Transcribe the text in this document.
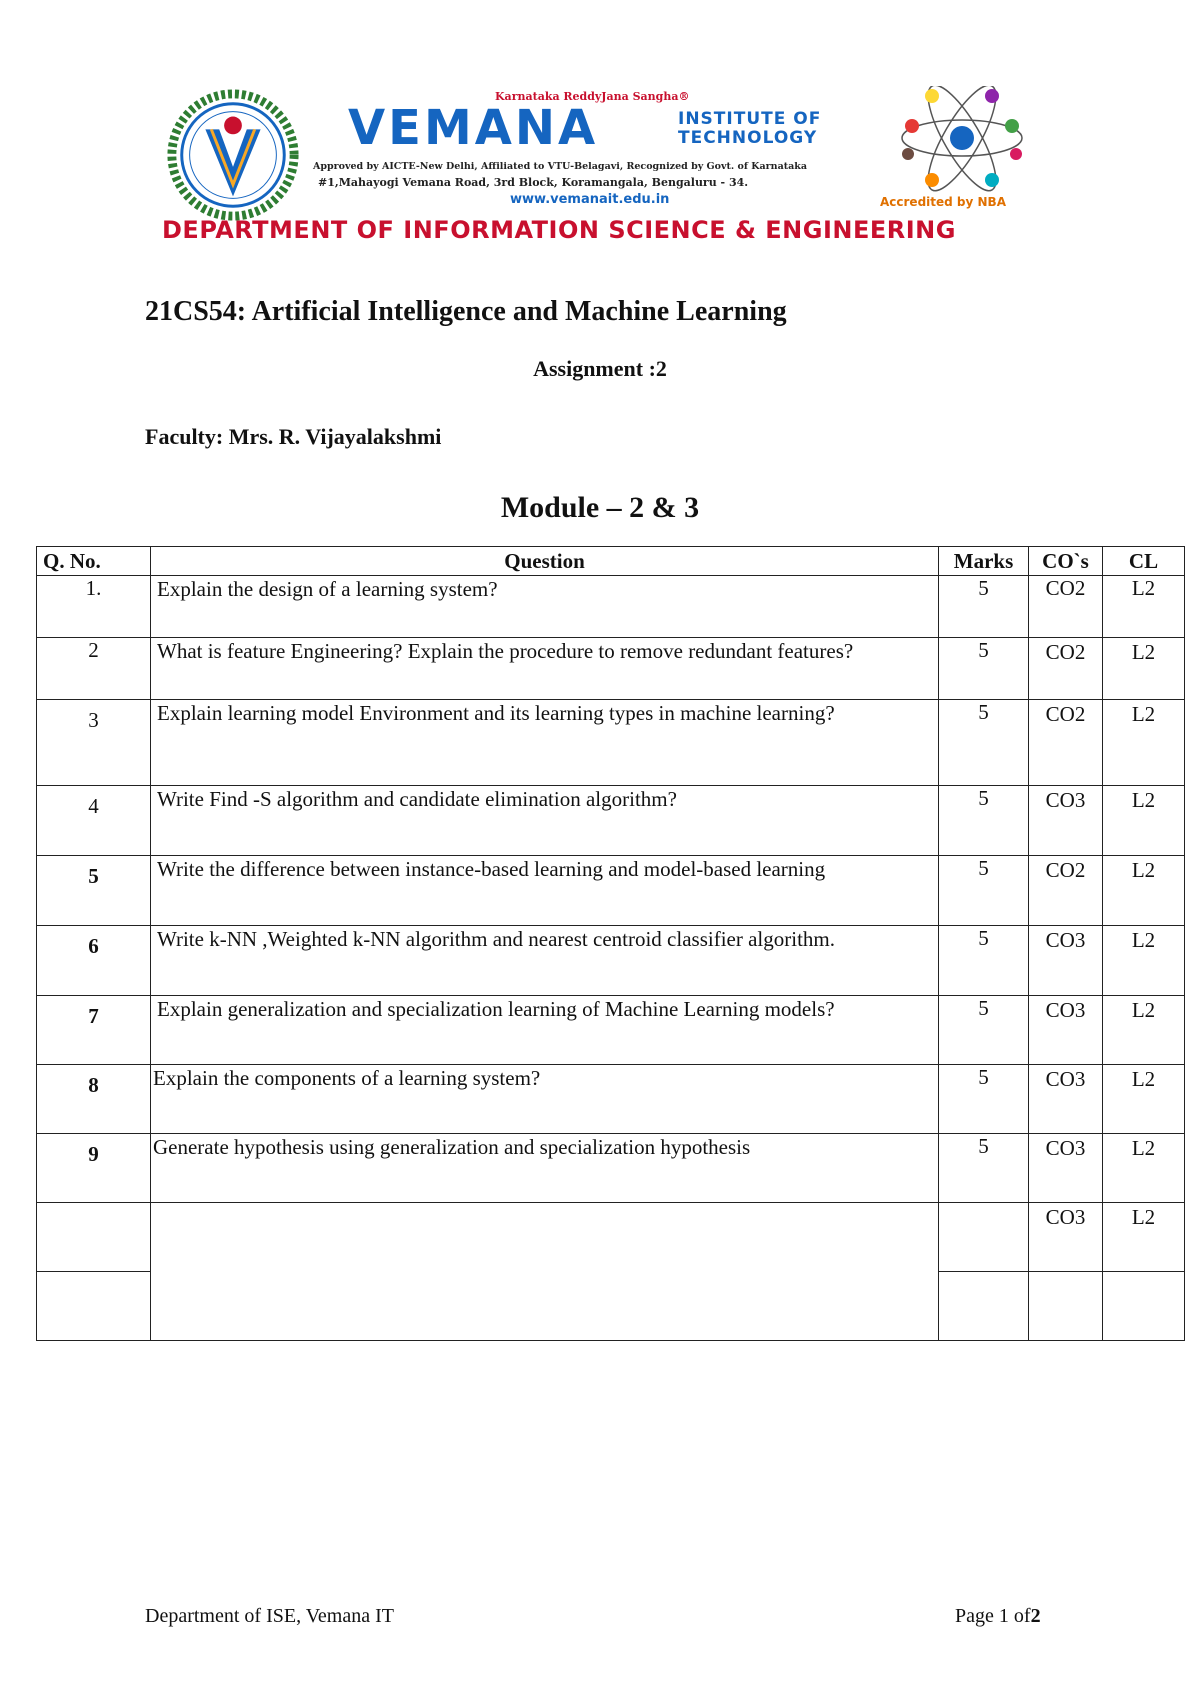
V
Karnataka ReddyJana Sangha®
VEMANA	INSTITUTE OF
TECHNOLOGY
Approved by AICTE-New Delhi, Affiliated to VTU-Belagavi, Recognized by Govt. of Karnataka
#1,Mahayogi Vemana Road, 3rd Block, Koramangala, Bengaluru - 34.
www.vemanait.edu.in	Accredited by NBA
DEPARTMENT OF INFORMATION SCIENCE & ENGINEERING
21CS54: Artificial Intelligence and Machine Learning
Assignment :2
Faculty: Mrs. R. Vijayalakshmi
Module – 2 & 3
Q. No.	Question	Marks	CO`s	CL
1.	Explain the design of a learning system?	5	CO2	L2
2	What is feature Engineering? Explain the procedure to remove redundant features?	5	CO2	L2
3	Explain learning model Environment and its learning types in machine learning?	5	CO2	L2
4	Write Find -S algorithm and candidate elimination algorithm?	5	CO3	L2
5	Write the difference between instance-based learning and model-based learning	5	CO2	L2
6	Write k-NN ,Weighted k-NN algorithm and nearest centroid classifier algorithm.	5	CO3	L2
7	Explain generalization and specialization learning of Machine Learning models?	5	CO3	L2
8	Explain the components of a learning system?	5	CO3	L2
9	Generate hypothesis using generalization and specialization hypothesis	5	CO3	L2
			CO3	L2

Department of ISE, Vemana IT	Page 1 of2
